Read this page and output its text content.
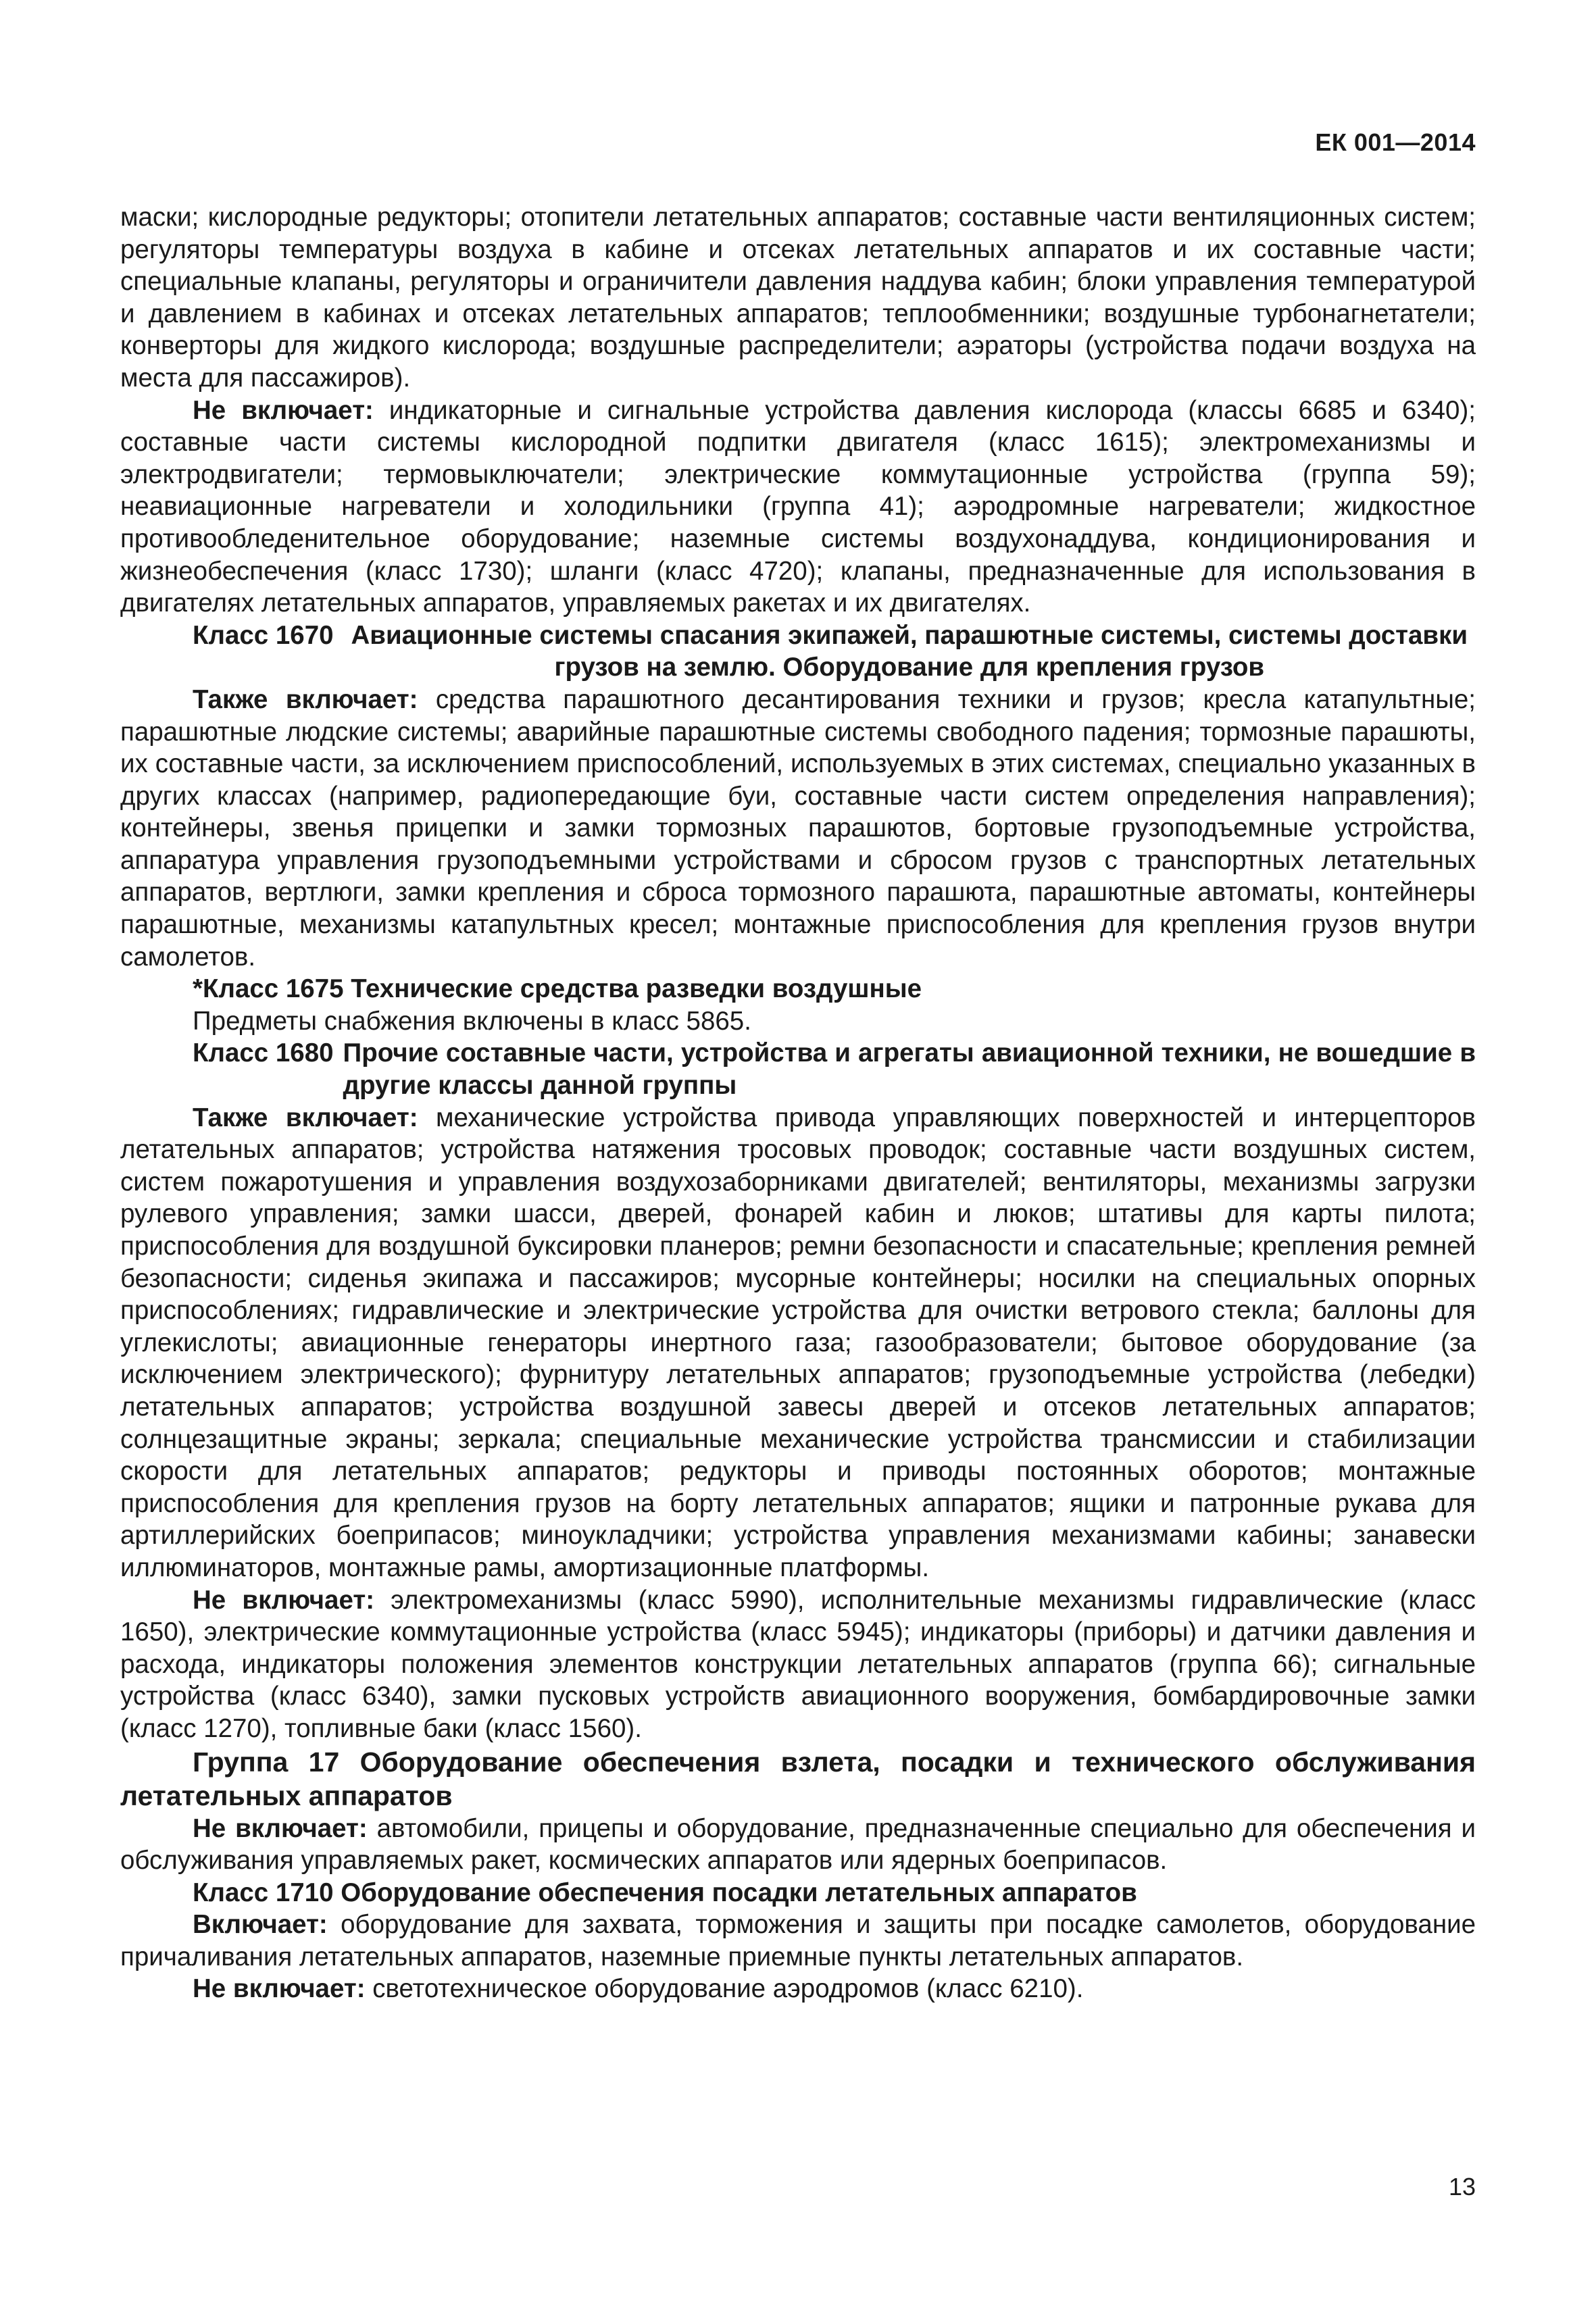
ЕК 001—2014

маски; кислородные редукторы; отопители летательных аппаратов; составные части вентиляционных систем; регуляторы температуры воздуха в кабине и отсеках летательных аппаратов и их составные части; специальные клапаны, регуляторы и ограничители давления наддува кабин; блоки управления температурой и давлением в кабинах и отсеках летательных аппаратов; теплообменники; воздушные турбонагнетатели; конверторы для жидкого кислорода; воздушные распределители; аэраторы (устройства подачи воздуха на места для пассажиров).

Не включает: индикаторные и сигнальные устройства давления кислорода (классы 6685 и 6340); составные части системы кислородной подпитки двигателя (класс 1615); электромеханизмы и электродвигатели; термовыключатели; электрические коммутационные устройства (группа 59); неавиационные нагреватели и холодильники (группа 41); аэродромные нагреватели; жидкостное противообледенительное оборудование; наземные системы воздухонаддува, кондиционирования и жизнеобеспечения (класс 1730); шланги (класс 4720); клапаны, предназначенные для использования в двигателях летательных аппаратов, управляемых ракетах и их двигателях.

Класс 1670 Авиационные системы спасания экипажей, парашютные системы, системы доставки грузов на землю. Оборудование для крепления грузов

Также включает: средства парашютного десантирования техники и грузов; кресла катапультные; парашютные людские системы; аварийные парашютные системы свободного падения; тормозные парашюты, их составные части, за исключением приспособлений, используемых в этих системах, специально указанных в других классах (например, радиопередающие буи, составные части систем определения направления); контейнеры, звенья прицепки и замки тормозных парашютов, бортовые грузоподъемные устройства, аппаратура управления грузоподъемными устройствами и сбросом грузов с транспортных летательных аппаратов, вертлюги, замки крепления и сброса тормозного парашюта, парашютные автоматы, контейнеры парашютные, механизмы катапультных кресел; монтажные приспособления для крепления грузов внутри самолетов.

*Класс 1675 Технические средства разведки воздушные

Предметы снабжения включены в класс 5865.

Класс 1680 Прочие составные части, устройства и агрегаты авиационной техники, не вошедшие в другие классы данной группы

Также включает: механические устройства привода управляющих поверхностей и интерцепторов летательных аппаратов; устройства натяжения тросовых проводок; составные части воздушных систем, систем пожаротушения и управления воздухозаборниками двигателей; вентиляторы, механизмы загрузки рулевого управления; замки шасси, дверей, фонарей кабин и люков; штативы для карты пилота; приспособления для воздушной буксировки планеров; ремни безопасности и спасательные; крепления ремней безопасности; сиденья экипажа и пассажиров; мусорные контейнеры; носилки на специальных опорных приспособлениях; гидравлические и электрические устройства для очистки ветрового стекла; баллоны для углекислоты; авиационные генераторы инертного газа; газообразователи; бытовое оборудование (за исключением электрического); фурнитуру летательных аппаратов; грузоподъемные устройства (лебедки) летательных аппаратов; устройства воздушной завесы дверей и отсеков летательных аппаратов; солнцезащитные экраны; зеркала; специальные механические устройства трансмиссии и стабилизации скорости для летательных аппаратов; редукторы и приводы постоянных оборотов; монтажные приспособления для крепления грузов на борту летательных аппаратов; ящики и патронные рукава для артиллерийских боеприпасов; миноукладчики; устройства управления механизмами кабины; занавески иллюминаторов, монтажные рамы, амортизационные платформы.

Не включает: электромеханизмы (класс 5990), исполнительные механизмы гидравлические (класс 1650), электрические коммутационные устройства (класс 5945); индикаторы (приборы) и датчики давления и расхода, индикаторы положения элементов конструкции летательных аппаратов (группа 66); сигнальные устройства (класс 6340), замки пусковых устройств авиационного вооружения, бомбардировочные замки (класс 1270), топливные баки (класс 1560).

Группа 17 Оборудование обеспечения взлета, посадки и технического обслуживания летательных аппаратов

Не включает: автомобили, прицепы и оборудование, предназначенные специально для обеспечения и обслуживания управляемых ракет, космических аппаратов или ядерных боеприпасов.

Класс 1710 Оборудование обеспечения посадки летательных аппаратов

Включает: оборудование для захвата, торможения и защиты при посадке самолетов, оборудование причаливания летательных аппаратов, наземные приемные пункты летательных аппаратов.

Не включает: светотехническое оборудование аэродромов (класс 6210).

13
